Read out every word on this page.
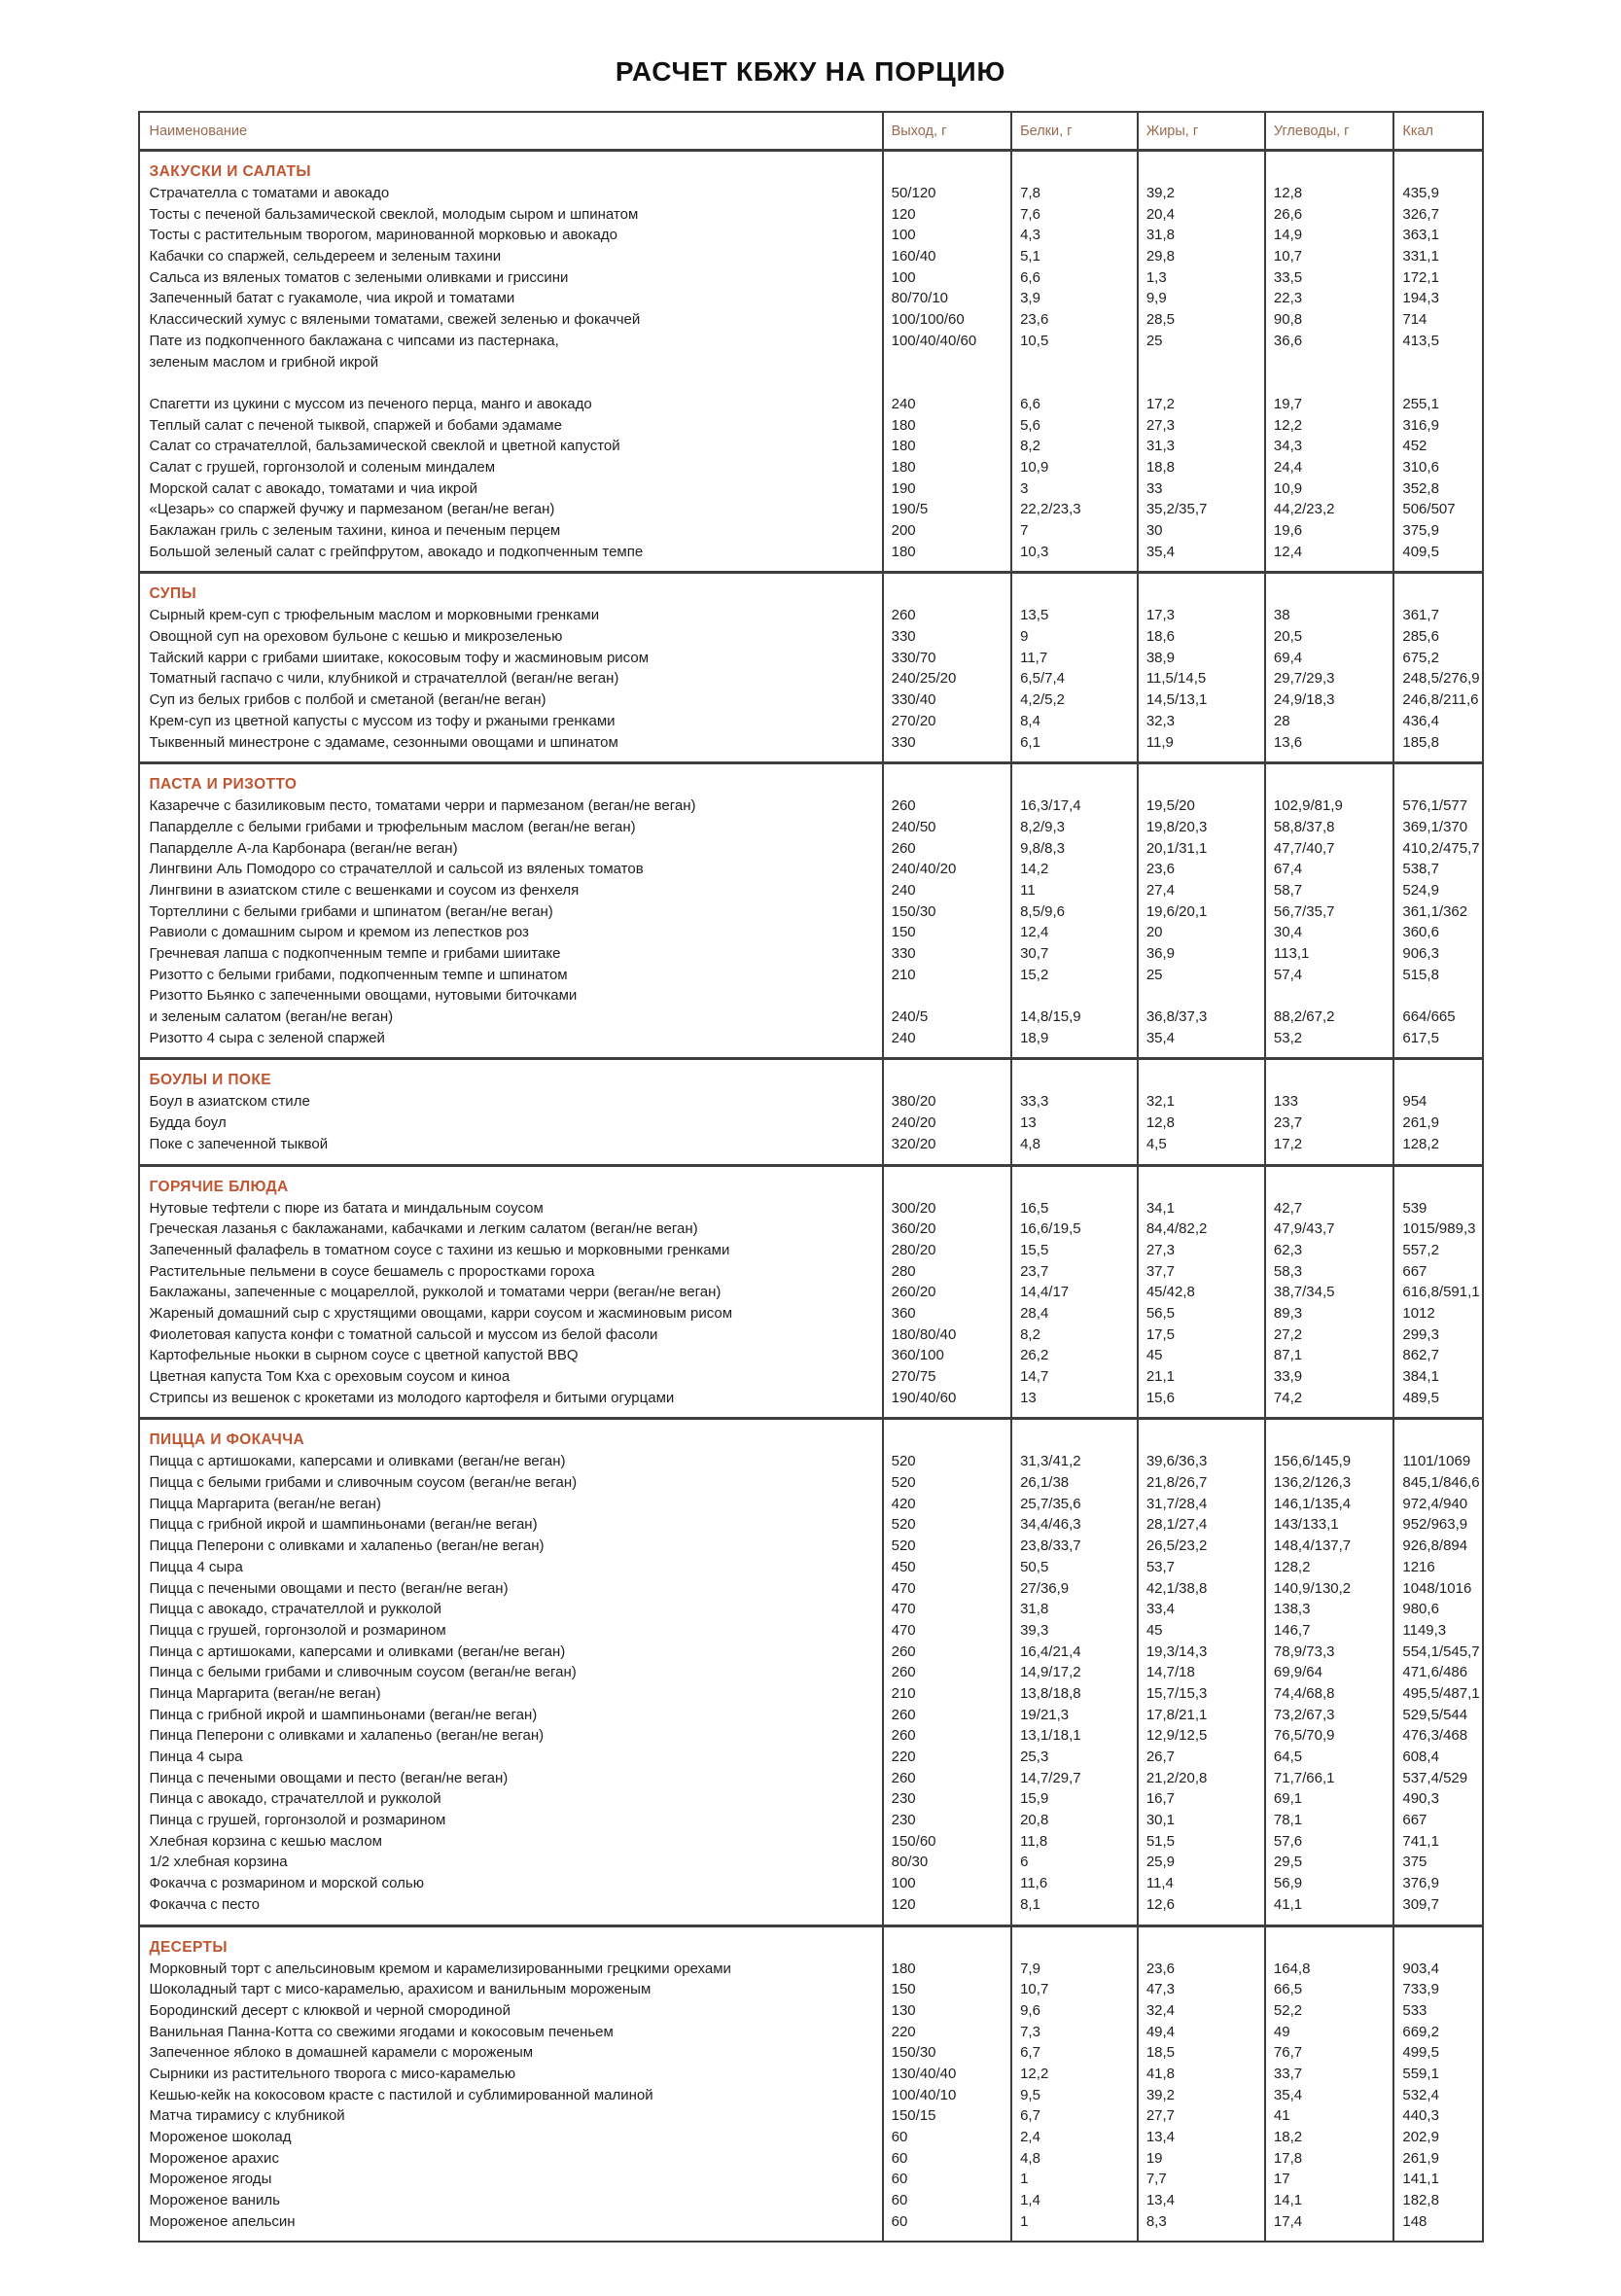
РАСЧЕТ КБЖУ НА ПОРЦИЮ
Наименование	Выход, г	Белки, г	Жиры, г	Углеводы, г	Ккал
ЗАКУСКИ И САЛАТЫ
Страчателла с томатами и авокадо	50/120	7,8	39,2	12,8	435,9
Тосты с печеной бальзамической свеклой, молодым сыром и шпинатом	120	7,6	20,4	26,6	326,7
Тосты с растительным творогом, маринованной морковью и авокадо	100	4,3	31,8	14,9	363,1
Кабачки со спаржей, сельдереем и зеленым тахини	160/40	5,1	29,8	10,7	331,1
Сальса из вяленых томатов с зелеными оливками и гриссини	100	6,6	1,3	33,5	172,1
Запеченный батат с гуакамоле, чиа икрой и томатами	80/70/10	3,9	9,9	22,3	194,3
Классический хумус с вялеными томатами, свежей зеленью и фокаччей	100/100/60	23,6	28,5	90,8	714
Пате из подкопченного баклажана с чипсами из пастернака,	100/40/40/60	10,5	25	36,6	413,5
зеленым маслом и грибной икрой
Спагетти из цукини с муссом из печеного перца, манго и авокадо	240	6,6	17,2	19,7	255,1
Теплый салат с печеной тыквой, спаржей и бобами эдамаме	180	5,6	27,3	12,2	316,9
Салат со страчателлой, бальзамической свеклой и цветной капустой	180	8,2	31,3	34,3	452
Салат с грушей, горгонзолой и соленым миндалем	180	10,9	18,8	24,4	310,6
Морской салат с авокадо, томатами и чиа икрой	190	3	33	10,9	352,8
«Цезарь» со спаржей фучжу и пармезаном (веган/не веган)	190/5	22,2/23,3	35,2/35,7	44,2/23,2	506/507
Баклажан гриль с зеленым тахини, киноа и печеным перцем	200	7	30	19,6	375,9
Большой зеленый салат с грейпфрутом, авокадо и подкопченным темпе	180	10,3	35,4	12,4	409,5
СУПЫ
Сырный крем-суп с трюфельным маслом и морковными гренками	260	13,5	17,3	38	361,7
Овощной суп на ореховом бульоне с кешью и микрозеленью	330	9	18,6	20,5	285,6
Тайский карри с грибами шиитаке, кокосовым тофу и жасминовым рисом	330/70	11,7	38,9	69,4	675,2
Томатный гаспачо с чили, клубникой и страчателлой (веган/не веган)	240/25/20	6,5/7,4	11,5/14,5	29,7/29,3	248,5/276,9
Суп из белых грибов с полбой и сметаной (веган/не веган)	330/40	4,2/5,2	14,5/13,1	24,9/18,3	246,8/211,6
Крем-суп из цветной капусты с муссом из тофу и ржаными гренками	270/20	8,4	32,3	28	436,4
Тыквенный минестроне с эдамаме, сезонными овощами и шпинатом	330	6,1	11,9	13,6	185,8
ПАСТА И РИЗОТТО
Казаречче с базиликовым песто, томатами черри и пармезаном (веган/не веган)	260	16,3/17,4	19,5/20	102,9/81,9	576,1/577
Папарделле с белыми грибами и трюфельным маслом (веган/не веган)	240/50	8,2/9,3	19,8/20,3	58,8/37,8	369,1/370
Папарделле А-ла Карбонара (веган/не веган)	260	9,8/8,3	20,1/31,1	47,7/40,7	410,2/475,7
Лингвини Аль Помодоро со страчателлой и сальсой из вяленых томатов	240/40/20	14,2	23,6	67,4	538,7
Лингвини в азиатском стиле с вешенками и соусом из фенхеля	240	11	27,4	58,7	524,9
Тортеллини с белыми грибами и шпинатом (веган/не веган)	150/30	8,5/9,6	19,6/20,1	56,7/35,7	361,1/362
Равиоли с домашним сыром и кремом из лепестков роз	150	12,4	20	30,4	360,6
Гречневая лапша с подкопченным темпе и грибами шиитаке	330	30,7	36,9	113,1	906,3
Ризотто с белыми грибами, подкопченным темпе и шпинатом	210	15,2	25	57,4	515,8
Ризотто Бьянко с запеченными овощами, нутовыми биточками
и зеленым салатом (веган/не веган)	240/5	14,8/15,9	36,8/37,3	88,2/67,2	664/665
Ризотто 4 сыра с зеленой спаржей	240	18,9	35,4	53,2	617,5
БОУЛЫ И ПОКЕ
Боул в азиатском стиле	380/20	33,3	32,1	133	954
Будда боул	240/20	13	12,8	23,7	261,9
Поке с запеченной тыквой	320/20	4,8	4,5	17,2	128,2
ГОРЯЧИЕ БЛЮДА
Нутовые тефтели с пюре из батата и миндальным соусом	300/20	16,5	34,1	42,7	539
Греческая лазанья с баклажанами, кабачками и легким салатом (веган/не веган)	360/20	16,6/19,5	84,4/82,2	47,9/43,7	1015/989,3
Запеченный фалафель в томатном соусе с тахини из кешью и морковными гренками	280/20	15,5	27,3	62,3	557,2
Растительные пельмени в соусе бешамель с проростками гороха	280	23,7	37,7	58,3	667
Баклажаны, запеченные с моцареллой, рукколой и томатами черри (веган/не веган)	260/20	14,4/17	45/42,8	38,7/34,5	616,8/591,1
Жареный домашний сыр с хрустящими овощами, карри соусом и жасминовым рисом	360	28,4	56,5	89,3	1012
Фиолетовая капуста конфи с томатной сальсой и муссом из белой фасоли	180/80/40	8,2	17,5	27,2	299,3
Картофельные ньокки в сырном соусе с цветной капустой BBQ	360/100	26,2	45	87,1	862,7
Цветная капуста Том Кха с ореховым соусом и киноа	270/75	14,7	21,1	33,9	384,1
Стрипсы из вешенок с крокетами из молодого картофеля и битыми огурцами	190/40/60	13	15,6	74,2	489,5
ПИЦЦА И ФОКАЧЧА
Пицца с артишоками, каперсами и оливками (веган/не веган)	520	31,3/41,2	39,6/36,3	156,6/145,9	1101/1069
Пицца с белыми грибами и сливочным соусом (веган/не веган)	520	26,1/38	21,8/26,7	136,2/126,3	845,1/846,6
Пицца Маргарита (веган/не веган)	420	25,7/35,6	31,7/28,4	146,1/135,4	972,4/940
Пицца с грибной икрой и шампиньонами (веган/не веган)	520	34,4/46,3	28,1/27,4	143/133,1	952/963,9
Пицца Пеперони с оливками и халапеньо (веган/не веган)	520	23,8/33,7	26,5/23,2	148,4/137,7	926,8/894
Пицца 4 сыра	450	50,5	53,7	128,2	1216
Пицца с печеными овощами и песто (веган/не веган)	470	27/36,9	42,1/38,8	140,9/130,2	1048/1016
Пицца с авокадо, страчателлой и рукколой	470	31,8	33,4	138,3	980,6
Пицца с грушей, горгонзолой и розмарином	470	39,3	45	146,7	1149,3
Пинца с артишоками, каперсами и оливками (веган/не веган)	260	16,4/21,4	19,3/14,3	78,9/73,3	554,1/545,7
Пинца с белыми грибами и сливочным соусом (веган/не веган)	260	14,9/17,2	14,7/18	69,9/64	471,6/486
Пинца Маргарита (веган/не веган)	210	13,8/18,8	15,7/15,3	74,4/68,8	495,5/487,1
Пинца с грибной икрой и шампиньонами (веган/не веган)	260	19/21,3	17,8/21,1	73,2/67,3	529,5/544
Пинца Пеперони с оливками и халапеньо (веган/не веган)	260	13,1/18,1	12,9/12,5	76,5/70,9	476,3/468
Пинца 4 сыра	220	25,3	26,7	64,5	608,4
Пинца с печеными овощами и песто (веган/не веган)	260	14,7/29,7	21,2/20,8	71,7/66,1	537,4/529
Пинца с авокадо, страчателлой и рукколой	230	15,9	16,7	69,1	490,3
Пинца с грушей, горгонзолой и розмарином	230	20,8	30,1	78,1	667
Хлебная корзина с кешью маслом	150/60	11,8	51,5	57,6	741,1
1/2 хлебная корзина	80/30	6	25,9	29,5	375
Фокачча с розмарином и морской солью	100	11,6	11,4	56,9	376,9
Фокачча с песто	120	8,1	12,6	41,1	309,7
ДЕСЕРТЫ
Морковный торт с апельсиновым кремом и карамелизированными грецкими орехами	180	7,9	23,6	164,8	903,4
Шоколадный тарт с мисо-карамелью, арахисом и ванильным мороженым	150	10,7	47,3	66,5	733,9
Бородинский десерт с клюквой и черной смородиной	130	9,6	32,4	52,2	533
Ванильная Панна-Котта со свежими ягодами и кокосовым печеньем	220	7,3	49,4	49	669,2
Запеченное яблоко в домашней карамели с мороженым	150/30	6,7	18,5	76,7	499,5
Сырники из растительного творога с мисо-карамелью	130/40/40	12,2	41,8	33,7	559,1
Кешью-кейк на кокосовом красте с пастилой и сублимированной малиной	100/40/10	9,5	39,2	35,4	532,4
Матча тирамису с клубникой	150/15	6,7	27,7	41	440,3
Мороженое шоколад	60	2,4	13,4	18,2	202,9
Мороженое арахис	60	4,8	19	17,8	261,9
Мороженое ягоды	60	1	7,7	17	141,1
Мороженое ваниль	60	1,4	13,4	14,1	182,8
Мороженое апельсин	60	1	8,3	17,4	148
